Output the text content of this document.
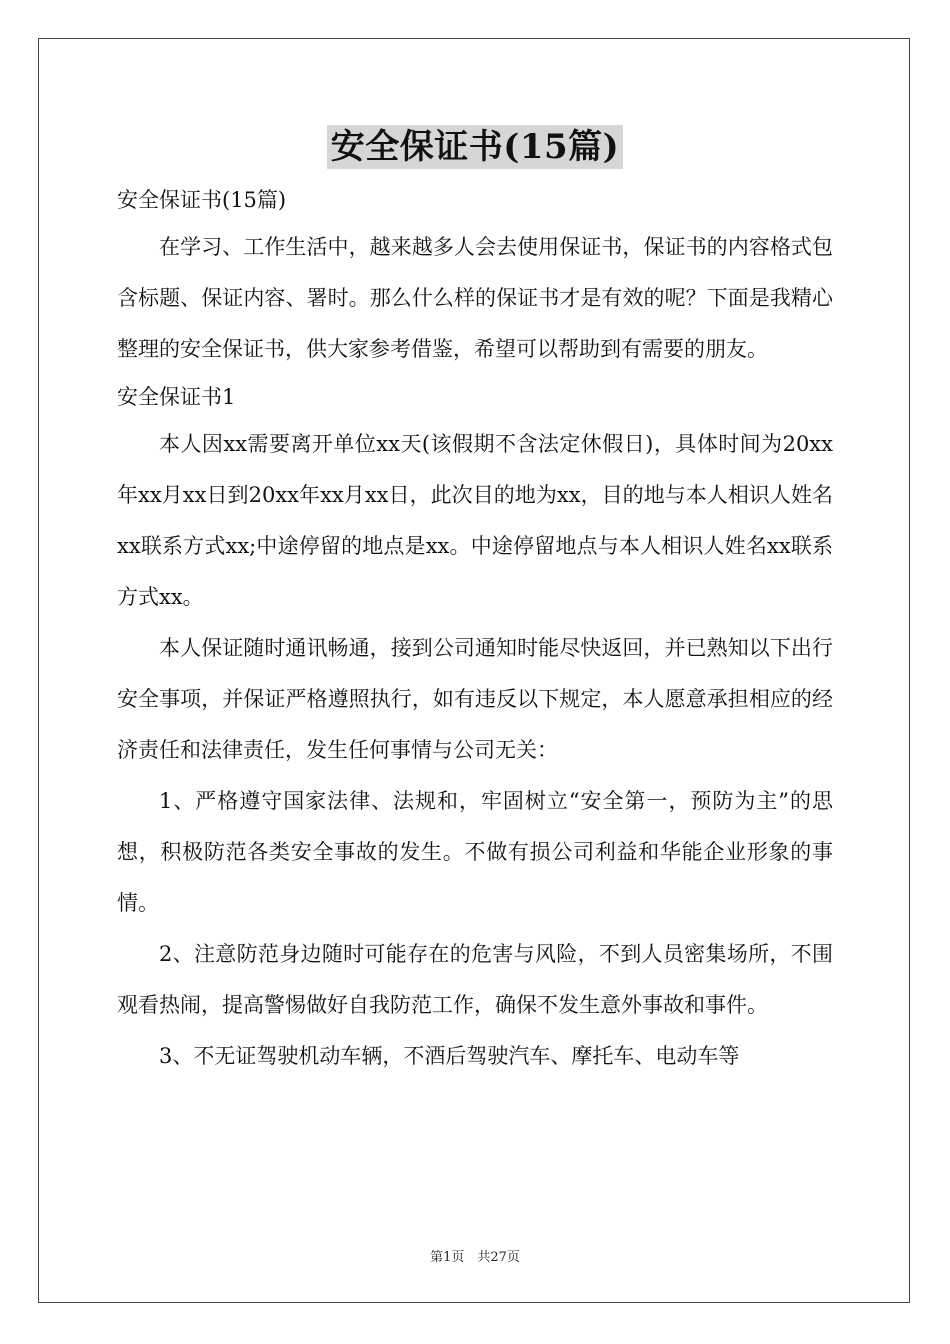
安全保证书(15篇)

安全保证书(15篇)

在学习、工作生活中，越来越多人会去使用保证书，保证书的内容格式包含标题、保证内容、署时。那么什么样的保证书才是有效的呢？下面是我精心整理的安全保证书，供大家参考借鉴，希望可以帮助到有需要的朋友。

安全保证书1

本人因xx需要离开单位xx天(该假期不含法定休假日)，具体时间为20xx年xx月xx日到20xx年xx月xx日，此次目的地为xx，目的地与本人相识人姓名xx联系方式xx;中途停留的地点是xx。中途停留地点与本人相识人姓名xx联系方式xx。

本人保证随时通讯畅通，接到公司通知时能尽快返回，并已熟知以下出行安全事项，并保证严格遵照执行，如有违反以下规定，本人愿意承担相应的经济责任和法律责任，发生任何事情与公司无关：

1、严格遵守国家法律、法规和，牢固树立“安全第一，预防为主”的思想，积极防范各类安全事故的发生。不做有损公司利益和华能企业形象的事情。

2、注意防范身边随时可能存在的危害与风险，不到人员密集场所，不围观看热闹，提高警惕做好自我防范工作，确保不发生意外事故和事件。

3、不无证驾驶机动车辆，不酒后驾驶汽车、摩托车、电动车等

第1页　共27页
